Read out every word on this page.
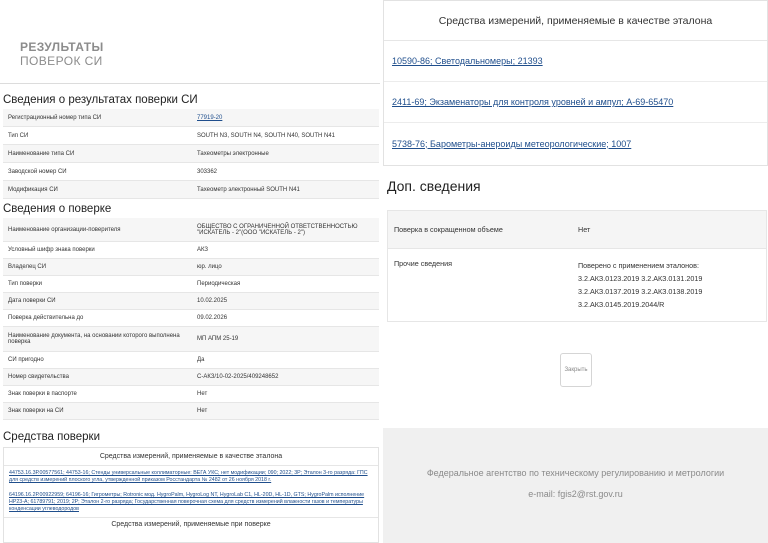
РЕЗУЛЬТАТЫ
ПОВЕРОК СИ
Сведения о результатах поверки СИ
Регистрационный номер типа СИ	77919-20
Тип СИ	SOUTH N3, SOUTH N4, SOUTH N40, SOUTH N41
Наименование типа СИ	Тахеометры электронные
Заводской номер СИ	303362
Модификация СИ	Тахеометр электронный SOUTH N41
Сведения о поверке
Наименование организации-поверителя	ОБЩЕСТВО С ОГРАНИЧЕННОЙ ОТВЕТСТВЕННОСТЬЮ "ИСКАТЕЛЬ - 2"(ООО "ИСКАТЕЛЬ - 2")
Условный шифр знака поверки	АКЗ
Владелец СИ	юр. лицо
Тип поверки	Периодическая
Дата поверки СИ	10.02.2025
Поверка действительна до	09.02.2026
Наименование документа, на основании которого выполнена поверка	МП АПМ 25-19
СИ пригодно	Да
Номер свидетельства	С-АКЗ/10-02-2025/409248652
Знак поверки в паспорте	Нет
Знак поверки на СИ	Нет
Средства поверки
Средства измерений, применяемые в качестве эталона
44753.16.3Р.00577561; 44753-16; Стенды универсальные коллиматорные: ВЕГА УКС; нет модификации; 090; 2022; 3Р; Эталон 3-го разряда: ГПС для средств измерений плоского угла, утвержденной приказом Росстандарта № 2482 от 26 ноября 2018 г.
64196.16.2Р.00922959; 64196-16; Гигрометры; Rotronic мод. HygroPalm, HygroLog NT, HygroLab C1, HL-20D, HL-1D, GTS; HygroPalm исполнение HP23-А; 61789791; 2019; 2Р; Эталон 2-го разряда; Государственная поверочная схема для средств измерений влажности газов и температуры конденсации углеводородов
Средства измерений, применяемые при поверке
Средства измерений, применяемые в качестве эталона
10590-86; Светодальномеры; 21393
2411-69; Экзаменаторы для контроля уровней и ампул; А-69-65470
5738-76; Барометры-анероиды метеорологические; 1007
Доп. сведения
Поверка в сокращенном объеме	Нет
Прочие сведения	Поверено с применением эталонов: 3.2.АКЗ.0123.2019 3.2.АКЗ.0131.2019 3.2.АКЗ.0137.2019 3.2.АКЗ.0138.2019 3.2.АКЗ.0145.2019.2044/R
Закрыть
Федеральное агентство по техническому регулированию и метрологии
e-mail: fgis2@rst.gov.ru
